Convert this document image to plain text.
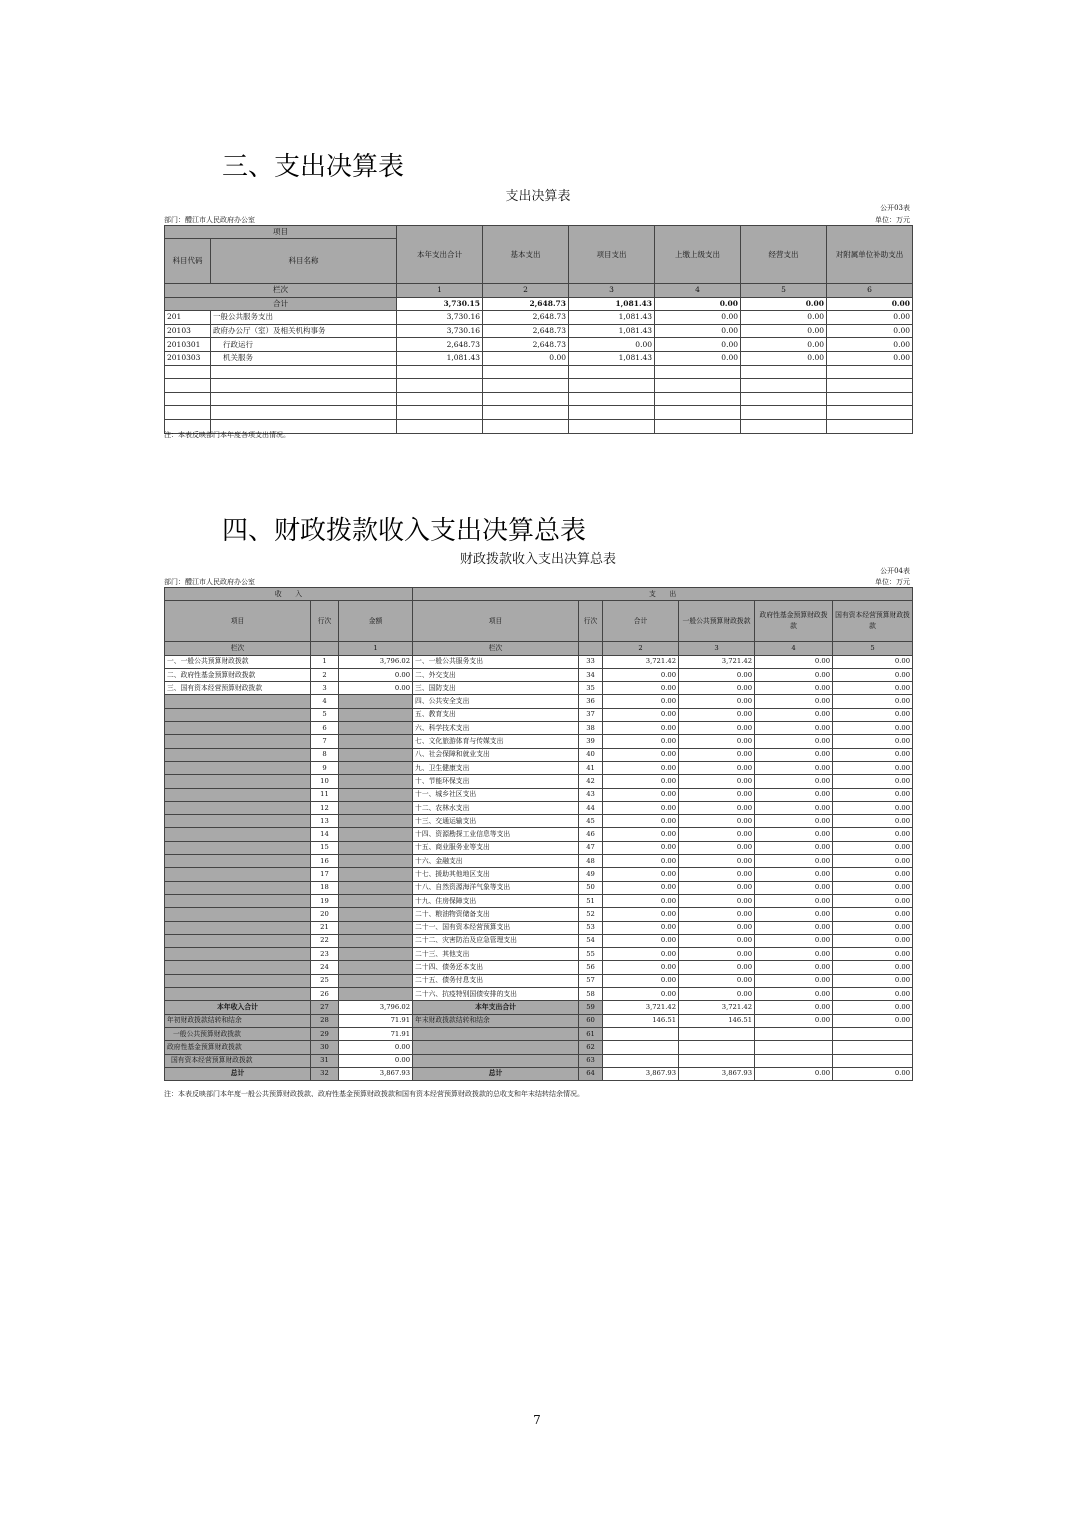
三、支出决算表
支出决算表
公开03表
部门：醴江市人民政府办公室	单位：万元
项目		本年支出合计	基本支出	项目支出	上缴上级支出	经营支出	对附属单位补助支出
科目代码	科目名称						
栏次		1	2	3	4	5	6
合计		3,730.15	2,648.73	1,081.43	0.00	0.00	0.00
201	一般公共服务支出	3,730.16	2,648.73	1,081.43	0.00	0.00	0.00
20103	政府办公厅（室）及相关机构事务	3,730.16	2,648.73	1,081.43	0.00	0.00	0.00
2010301	行政运行	2,648.73	2,648.73	0.00	0.00	0.00	0.00
2010303	机关服务	1,081.43	0.00	1,081.43	0.00	0.00	0.00

注：本表反映部门本年度各项支出情况。
四、财政拨款收入支出决算总表
财政拨款收入支出决算总表
公开04表
部门：醴江市人民政府办公室	单位：万元
收　　入			支　　出					
项目	行次	金额	项目	行次	合计	一般公共预算财政拨款	政府性基金预算财政拨款	国有资本经营预算财政拨款
栏次		1	栏次		2	3	4	5
一、一般公共预算财政拨款	1	3,796.02	一、一般公共服务支出	33	3,721.42	3,721.42	0.00	0.00
二、政府性基金预算财政拨款	2	0.00	二、外交支出	34	0.00	0.00	0.00	0.00
三、国有资本经营预算财政拨款	3	0.00	三、国防支出	35	0.00	0.00	0.00	0.00
	4		四、公共安全支出	36	0.00	0.00	0.00	0.00
	5		五、教育支出	37	0.00	0.00	0.00	0.00
	6		六、科学技术支出	38	0.00	0.00	0.00	0.00
	7		七、文化旅游体育与传媒支出	39	0.00	0.00	0.00	0.00
	8		八、社会保障和就业支出	40	0.00	0.00	0.00	0.00
	9		九、卫生健康支出	41	0.00	0.00	0.00	0.00
	10		十、节能环保支出	42	0.00	0.00	0.00	0.00
	11		十一、城乡社区支出	43	0.00	0.00	0.00	0.00
	12		十二、农林水支出	44	0.00	0.00	0.00	0.00
	13		十三、交通运输支出	45	0.00	0.00	0.00	0.00
	14		十四、资源勘探工业信息等支出	46	0.00	0.00	0.00	0.00
	15		十五、商业服务业等支出	47	0.00	0.00	0.00	0.00
	16		十六、金融支出	48	0.00	0.00	0.00	0.00
	17		十七、援助其他地区支出	49	0.00	0.00	0.00	0.00
	18		十八、自然资源海洋气象等支出	50	0.00	0.00	0.00	0.00
	19		十九、住房保障支出	51	0.00	0.00	0.00	0.00
	20		二十、粮油物资储备支出	52	0.00	0.00	0.00	0.00
	21		二十一、国有资本经营预算支出	53	0.00	0.00	0.00	0.00
	22		二十二、灾害防治及应急管理支出	54	0.00	0.00	0.00	0.00
	23		二十三、其他支出	55	0.00	0.00	0.00	0.00
	24		二十四、债务还本支出	56	0.00	0.00	0.00	0.00
	25		二十五、债务付息支出	57	0.00	0.00	0.00	0.00
	26		二十六、抗疫特别国债安排的支出	58	0.00	0.00	0.00	0.00
本年收入合计	27	3,796.02	本年支出合计	59	3,721.42	3,721.42	0.00	0.00
年初财政拨款结转和结余	28	71.91	年末财政拨款结转和结余	60	146.51	146.51	0.00	0.00
一般公共预算财政拨款	29	71.91		61				
政府性基金预算财政拨款	30	0.00		62				
国有资本经营预算财政拨款	31	0.00		63				
总计	32	3,867.93	总计	64	3,867.93	3,867.93	0.00	0.00
注：本表反映部门本年度一般公共预算财政拨款、政府性基金预算财政拨款和国有资本经营预算财政拨款的总收支和年末结转结余情况。
7
